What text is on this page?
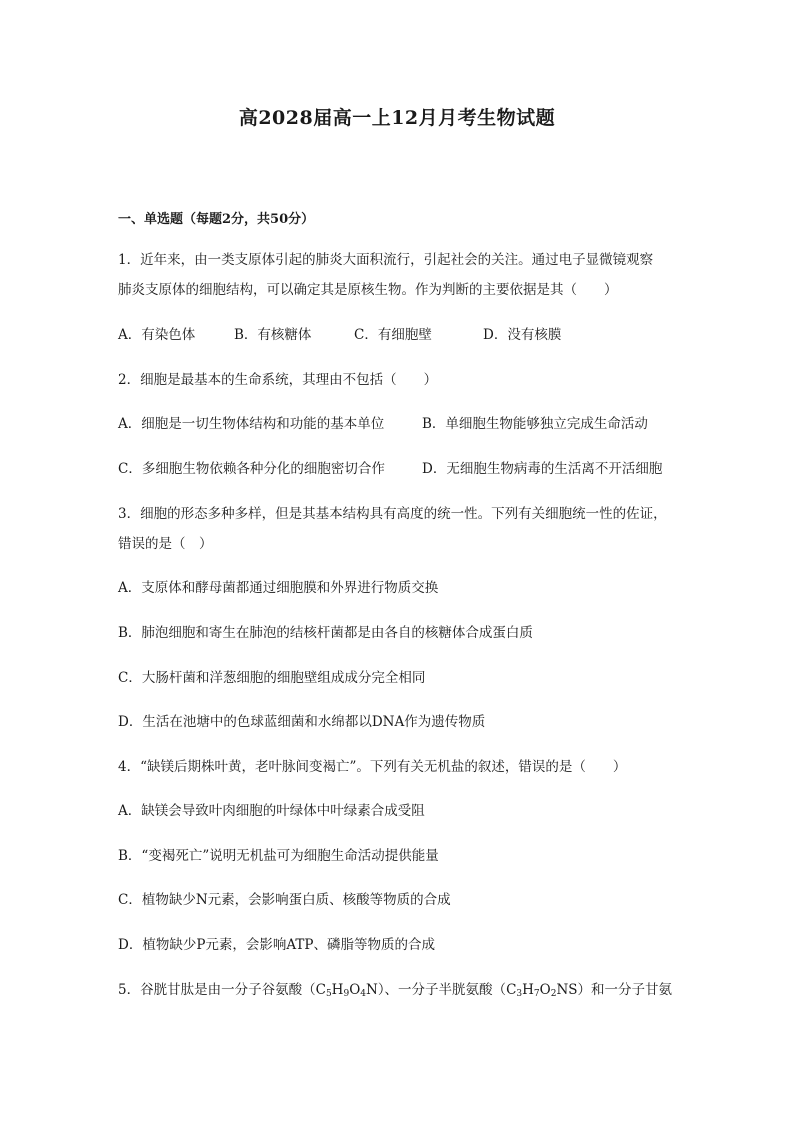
高2028届高一上12月月考生物试题
一、单选题（每题2分，共50分）
1．近年来，由一类支原体引起的肺炎大面积流行，引起社会的关注。通过电子显微镜观察
肺炎支原体的细胞结构，可以确定其是原核生物。作为判断的主要依据是其（　　）
A．有染色体	B．有核糖体	C．有细胞壁	D．没有核膜
2．细胞是最基本的生命系统，其理由不包括（　　）
A．细胞是一切生物体结构和功能的基本单位	B．单细胞生物能够独立完成生命活动
C．多细胞生物依赖各种分化的细胞密切合作	D．无细胞生物病毒的生活离不开活细胞
3．细胞的形态多种多样，但是其基本结构具有高度的统一性。下列有关细胞统一性的佐证，
错误的是（　）
A．支原体和酵母菌都通过细胞膜和外界进行物质交换
B．肺泡细胞和寄生在肺泡的结核杆菌都是由各自的核糖体合成蛋白质
C．大肠杆菌和洋葱细胞的细胞壁组成成分完全相同
D．生活在池塘中的色球蓝细菌和水绵都以DNA作为遗传物质
4．“缺镁后期株叶黄，老叶脉间变褐亡”。下列有关无机盐的叙述，错误的是（　　）
A．缺镁会导致叶肉细胞的叶绿体中叶绿素合成受阻
B．“变褐死亡”说明无机盐可为细胞生命活动提供能量
C．植物缺少N元素，会影响蛋白质、核酸等物质的合成
D．植物缺少P元素，会影响ATP、磷脂等物质的合成
5．谷胱甘肽是由一分子谷氨酸$(C_5H_9O_4N)$、一分子半胱氨酸$(C_3H_7O_2NS)$和一分子甘氨
